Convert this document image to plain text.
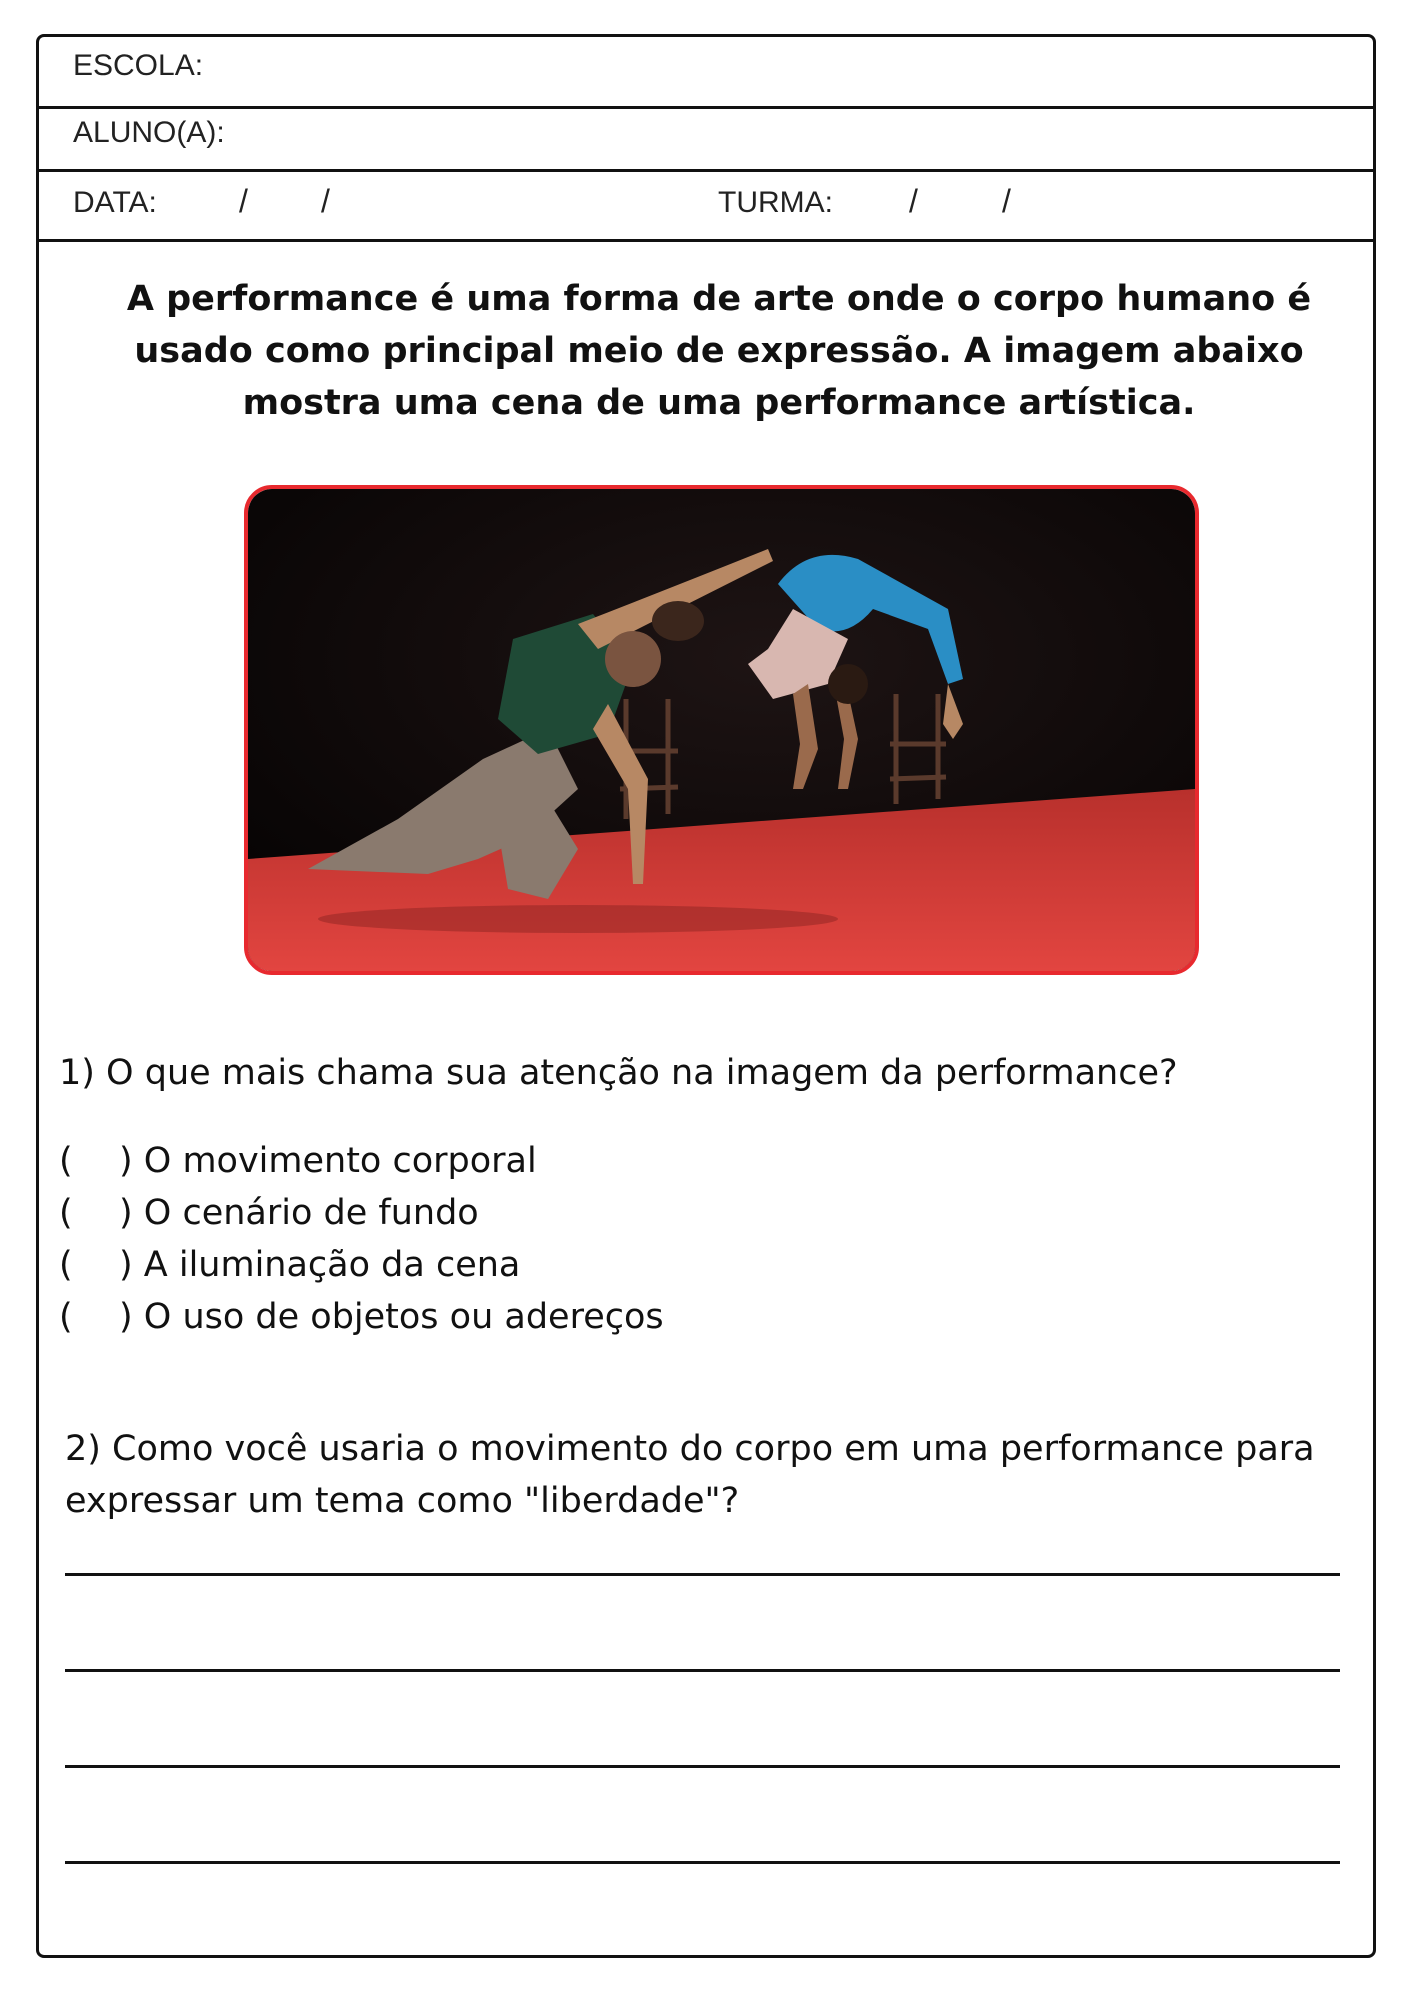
ESCOLA:
ALUNO(A):
DATA:	/ /	TURMA: /	/
A performance é uma forma de arte onde o corpo humano é usado como principal meio de expressão. A imagem abaixo mostra uma cena de uma performance artística.
1) O que mais chama sua atenção na imagem da performance?
( ) O movimento corporal
( ) O cenário de fundo
( ) A iluminação da cena
( ) O uso de objetos ou adereços
2) Como você usaria o movimento do corpo em uma performance para expressar um tema como "liberdade"?
